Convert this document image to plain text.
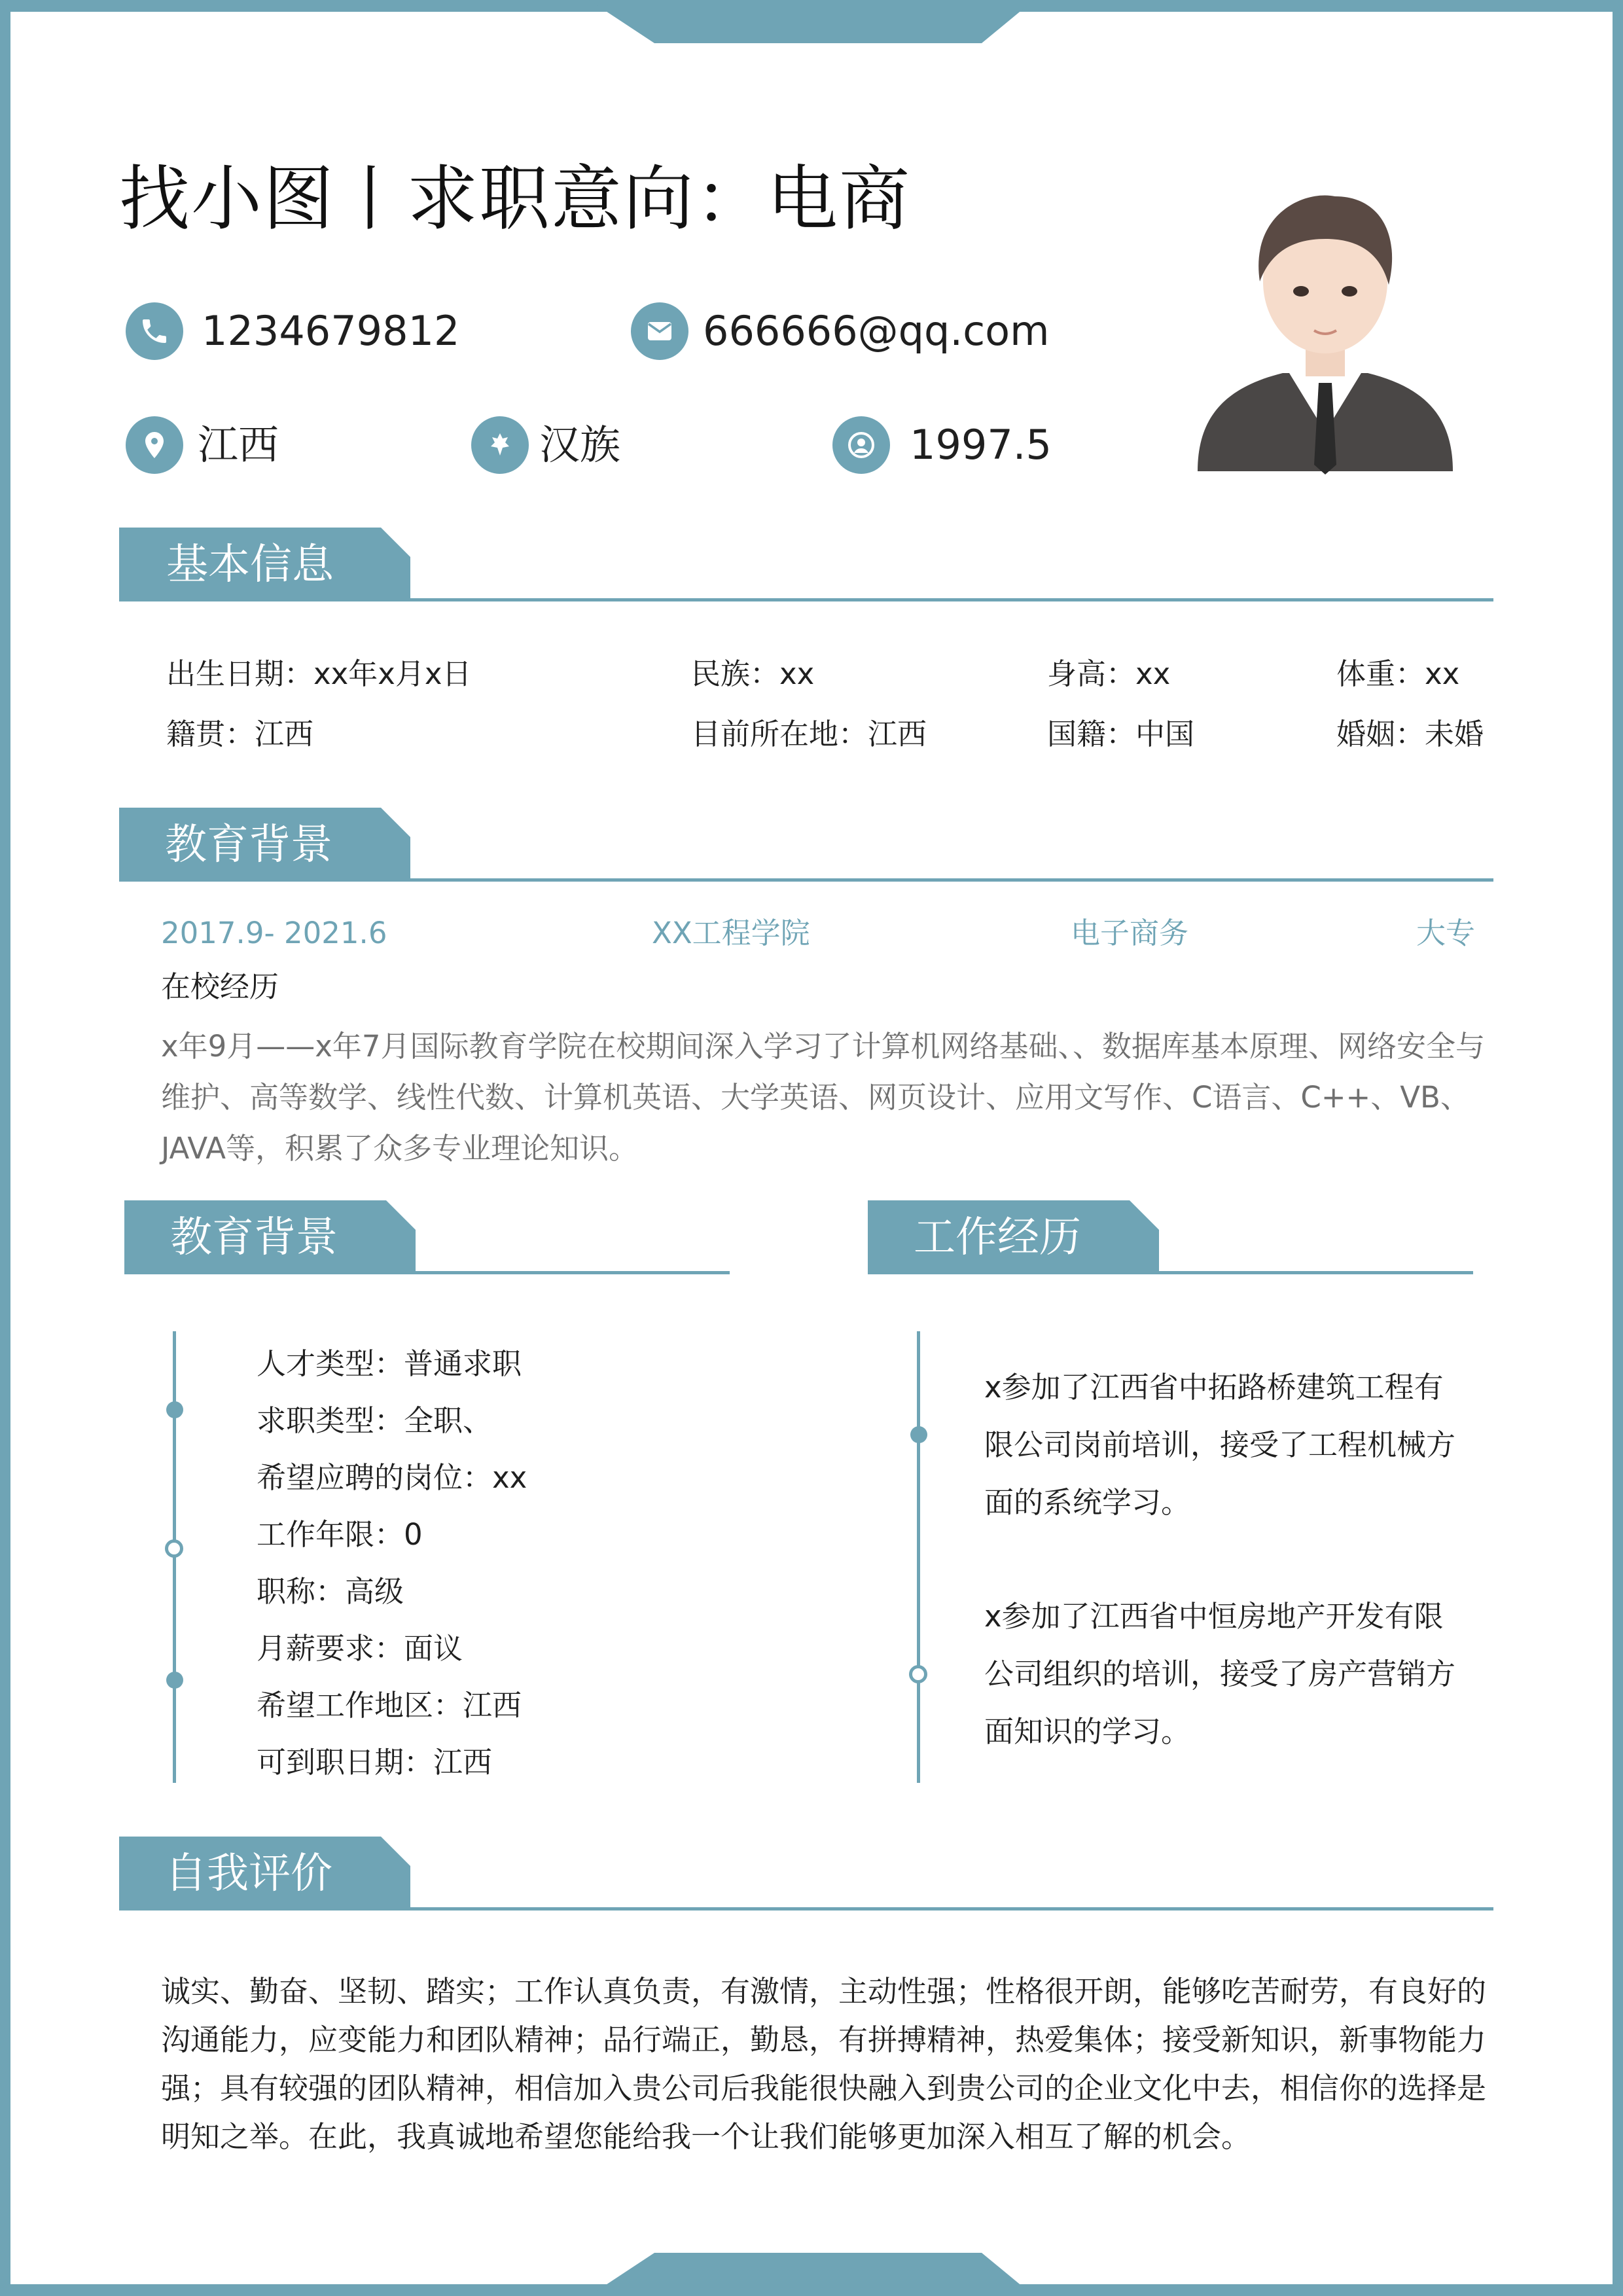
找小图丨求职意向：电商
1234679812	666666@qq.com
江西	汉族	1997.5
基本信息
出生日期：xx年x月x日	民族：xx	身高：xx	体重：xx
籍贯：江西	目前所在地：江西	国籍：中国	婚姻：未婚
教育背景
2017.9- 2021.6	XX工程学院	电子商务	大专
在校经历
x年9月——x年7月国际教育学院在校期间深入学习了计算机网络基础、、数据库基本原理、网络安全与维护、高等数学、线性代数、计算机英语、大学英语、网页设计、应用文写作、C语言、C++、VB、JAVA等，积累了众多专业理论知识。
教育背景	工作经历
人才类型：普通求职
求职类型：全职、
希望应聘的岗位：xx
工作年限：0
职称：高级
月薪要求：面议
希望工作地区：江西
可到职日期：江西
x参加了江西省中拓路桥建筑工程有限公司岗前培训，接受了工程机械方面的系统学习。
x参加了江西省中恒房地产开发有限公司组织的培训，接受了房产营销方面知识的学习。
自我评价
诚实、勤奋、坚韧、踏实；工作认真负责，有激情，主动性强；性格很开朗，能够吃苦耐劳，有良好的沟通能力，应变能力和团队精神；品行端正，勤恳，有拼搏精神，热爱集体；接受新知识，新事物能力强；具有较强的团队精神，相信加入贵公司后我能很快融入到贵公司的企业文化中去，相信你的选择是明知之举。在此，我真诚地希望您能给我一个让我们能够更加深入相互了解的机会。
